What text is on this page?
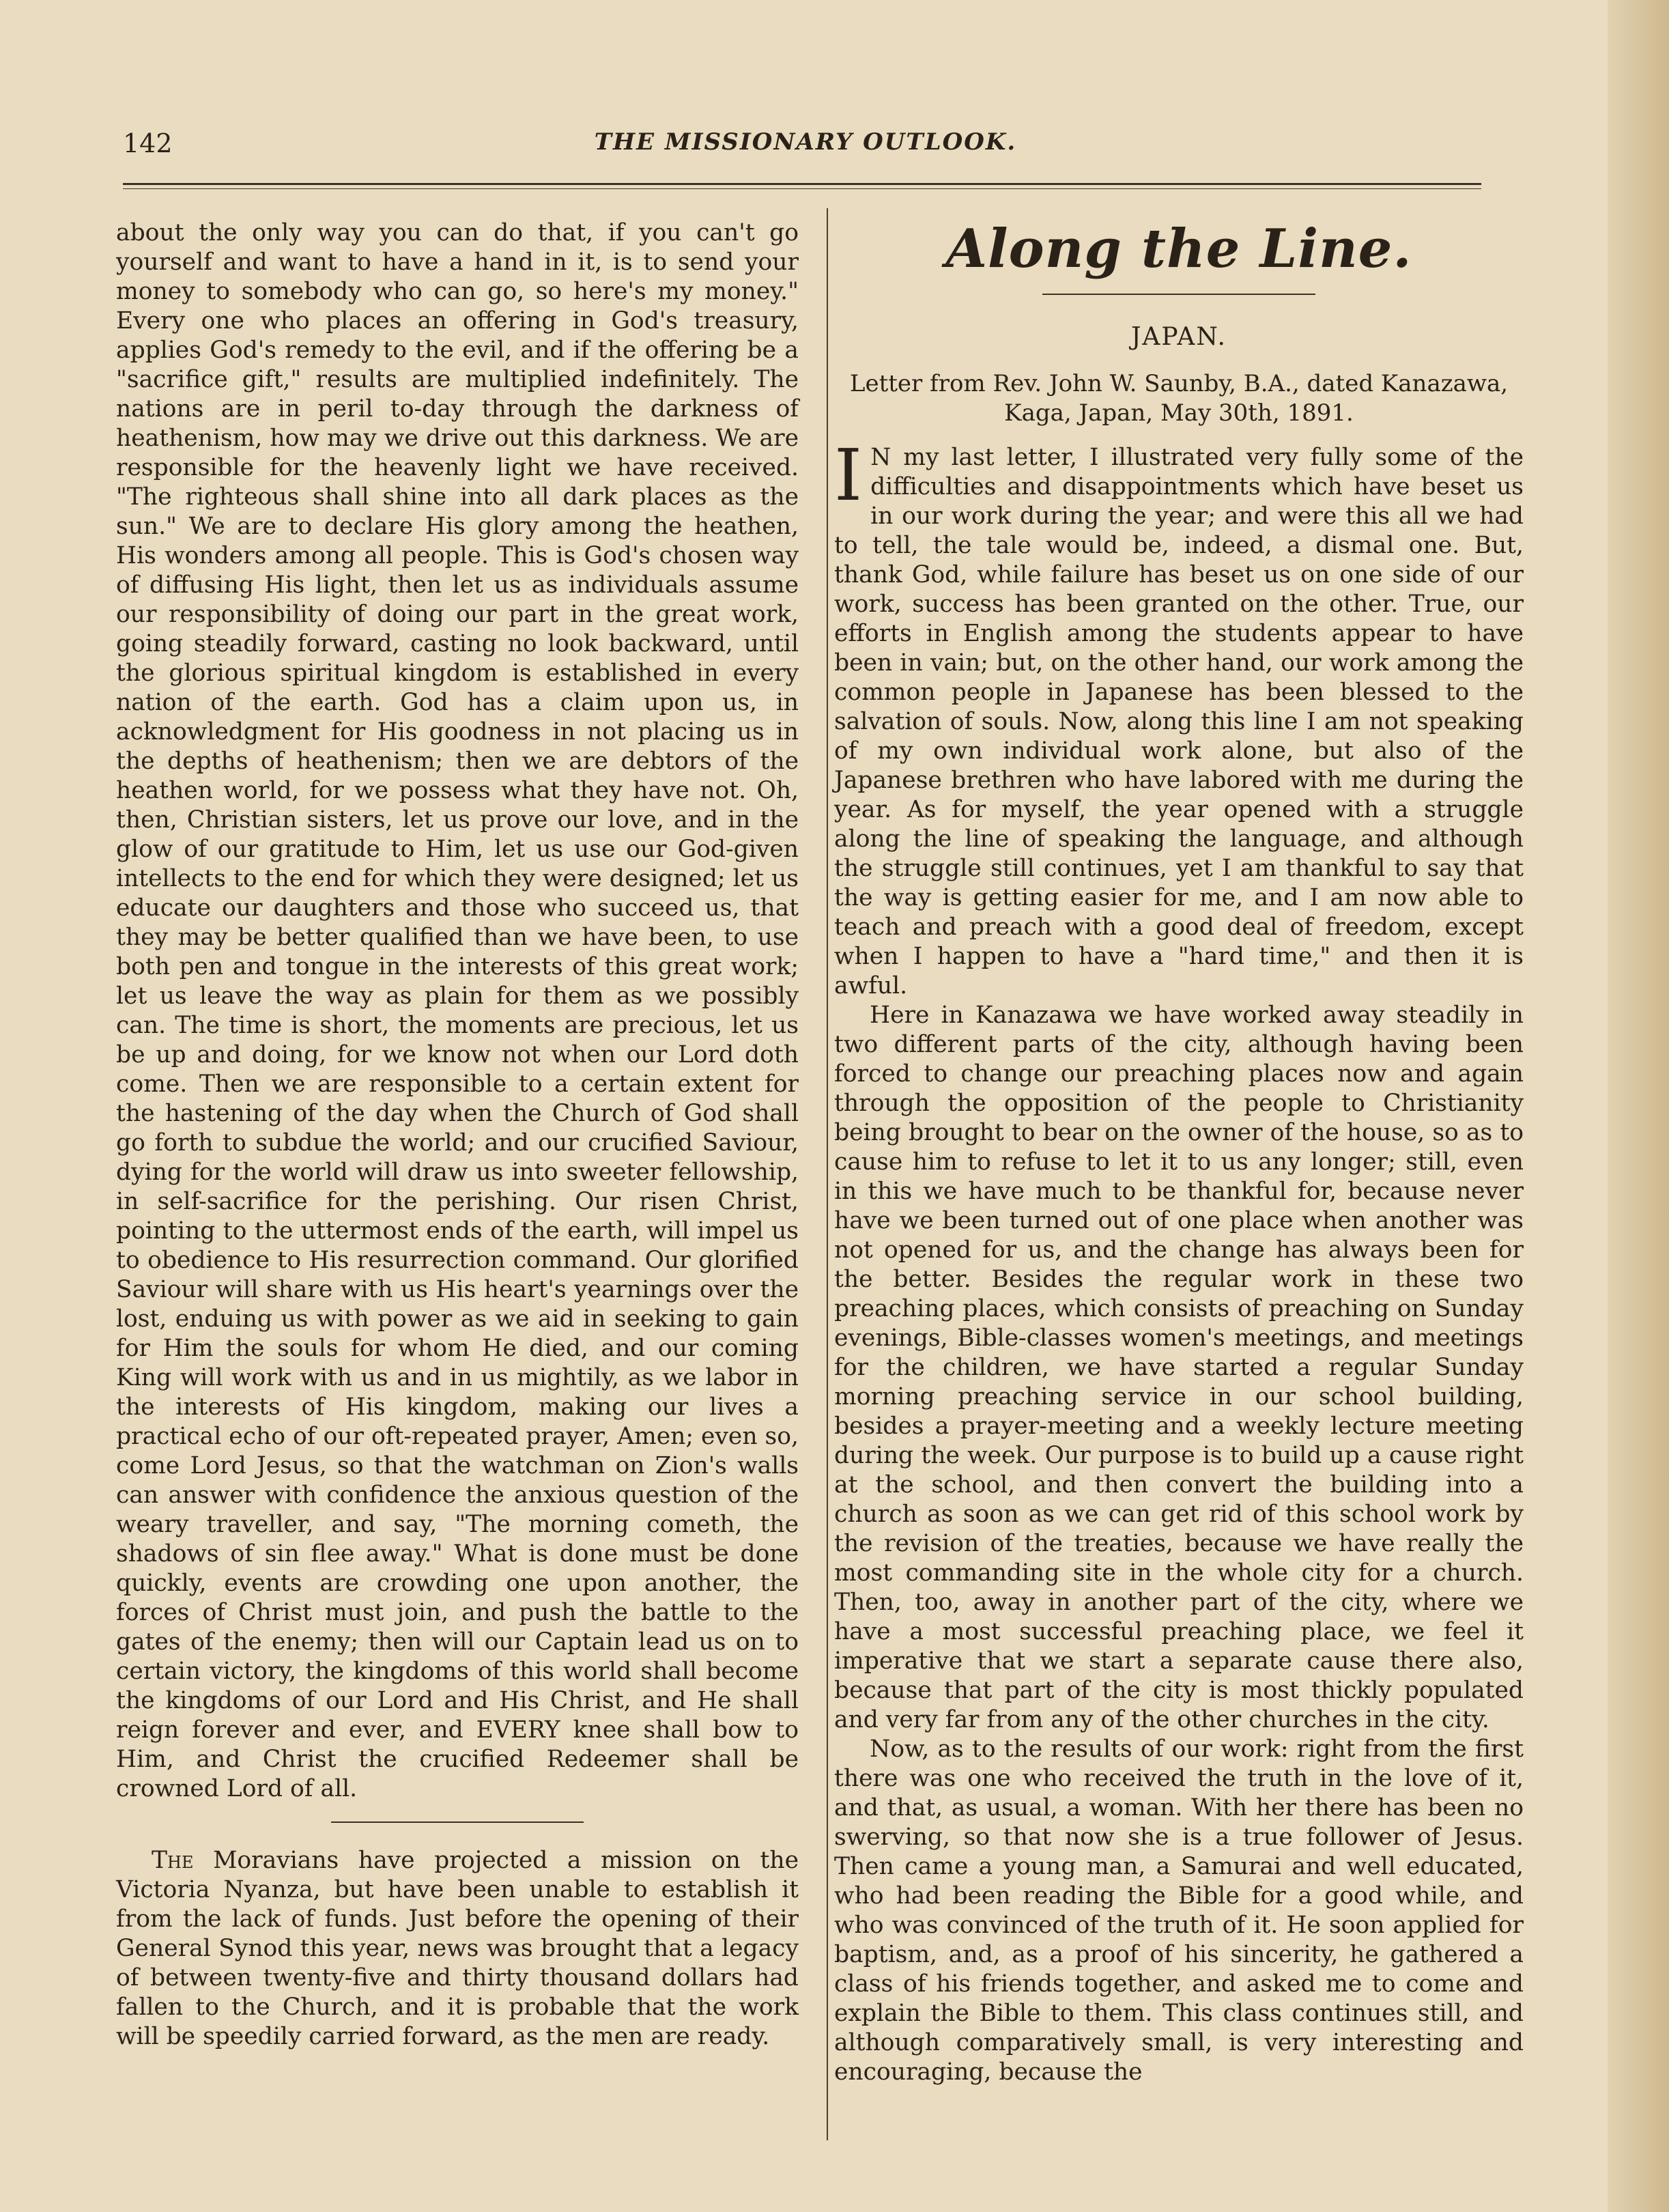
142	THE MISSIONARY OUTLOOK.

about the only way you can do that, if you can't go yourself and want to have a hand in it, is to send your money to somebody who can go, so here's my money." Every one who places an offering in God's treasury, applies God's remedy to the evil, and if the offering be a "sacrifice gift," results are multiplied indefinitely. The nations are in peril to-day through the darkness of heathenism, how may we drive out this darkness. We are responsible for the heavenly light we have received. "The righteous shall shine into all dark places as the sun." We are to declare His glory among the heathen, His wonders among all people. This is God's chosen way of diffusing His light, then let us as individuals assume our responsibility of doing our part in the great work, going steadily forward, casting no look backward, until the glorious spiritual kingdom is established in every nation of the earth. God has a claim upon us, in acknowledgment for His goodness in not placing us in the depths of heathenism; then we are debtors of the heathen world, for we possess what they have not. Oh, then, Christian sisters, let us prove our love, and in the glow of our gratitude to Him, let us use our God-given intellects to the end for which they were designed; let us educate our daughters and those who succeed us, that they may be better qualified than we have been, to use both pen and tongue in the interests of this great work; let us leave the way as plain for them as we possibly can. The time is short, the moments are precious, let us be up and doing, for we know not when our Lord doth come. Then we are responsible to a certain extent for the hastening of the day when the Church of God shall go forth to subdue the world; and our crucified Saviour, dying for the world will draw us into sweeter fellowship, in self-sacrifice for the perishing. Our risen Christ, pointing to the uttermost ends of the earth, will impel us to obedience to His resurrection command. Our glorified Saviour will share with us His heart's yearnings over the lost, enduing us with power as we aid in seeking to gain for Him the souls for whom He died, and our coming King will work with us and in us mightily, as we labor in the interests of His kingdom, making our lives a practical echo of our oft-repeated prayer, Amen; even so, come Lord Jesus, so that the watchman on Zion's walls can answer with confidence the anxious question of the weary traveller, and say, "The morning cometh, the shadows of sin flee away." What is done must be done quickly, events are crowding one upon another, the forces of Christ must join, and push the battle to the gates of the enemy; then will our Captain lead us on to certain victory, the kingdoms of this world shall become the kingdoms of our Lord and His Christ, and He shall reign forever and ever, and EVERY knee shall bow to Him, and Christ the crucified Redeemer shall be crowned Lord of all.

The Moravians have projected a mission on the Victoria Nyanza, but have been unable to establish it from the lack of funds. Just before the opening of their General Synod this year, news was brought that a legacy of between twenty-five and thirty thousand dollars had fallen to the Church, and it is probable that the work will be speedily carried forward, as the men are ready.

Along the Line.
JAPAN.
Letter from Rev. John W. Saunby, B.A., dated Kanazawa, Kaga, Japan, May 30th, 1891.

I N my last letter, I illustrated very fully some of the difficulties and disappointments which have beset us in our work during the year; and were this all we had to tell, the tale would be, indeed, a dismal one. But, thank God, while failure has beset us on one side of our work, success has been granted on the other. True, our efforts in English among the students appear to have been in vain; but, on the other hand, our work among the common people in Japanese has been blessed to the salvation of souls. Now, along this line I am not speaking of my own individual work alone, but also of the Japanese brethren who have labored with me during the year. As for myself, the year opened with a struggle along the line of speaking the language, and although the struggle still continues, yet I am thankful to say that the way is getting easier for me, and I am now able to teach and preach with a good deal of freedom, except when I happen to have a "hard time," and then it is awful.

Here in Kanazawa we have worked away steadily in two different parts of the city, although having been forced to change our preaching places now and again through the opposition of the people to Christianity being brought to bear on the owner of the house, so as to cause him to refuse to let it to us any longer; still, even in this we have much to be thankful for, because never have we been turned out of one place when another was not opened for us, and the change has always been for the better. Besides the regular work in these two preaching places, which consists of preaching on Sunday evenings, Bible-classes women's meetings, and meetings for the children, we have started a regular Sunday morning preaching service in our school building, besides a prayer-meeting and a weekly lecture meeting during the week. Our purpose is to build up a cause right at the school, and then convert the building into a church as soon as we can get rid of this school work by the revision of the treaties, because we have really the most commanding site in the whole city for a church. Then, too, away in another part of the city, where we have a most successful preaching place, we feel it imperative that we start a separate cause there also, because that part of the city is most thickly populated and very far from any of the other churches in the city.

Now, as to the results of our work: right from the first there was one who received the truth in the love of it, and that, as usual, a woman. With her there has been no swerving, so that now she is a true follower of Jesus. Then came a young man, a Samurai and well educated, who had been reading the Bible for a good while, and who was convinced of the truth of it. He soon applied for baptism, and, as a proof of his sincerity, he gathered a class of his friends together, and asked me to come and explain the Bible to them. This class continues still, and although comparatively small, is very interesting and encouraging, because the
